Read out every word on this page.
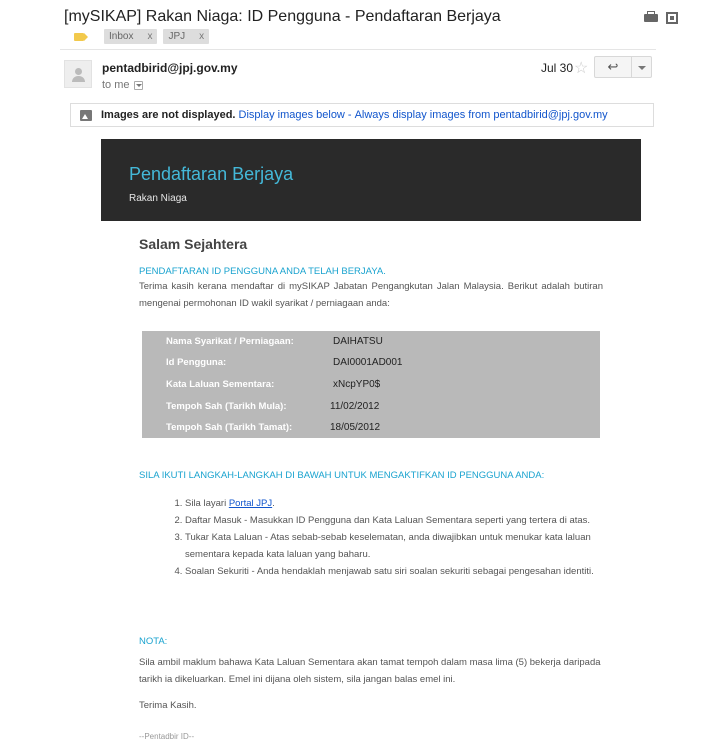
[mySIKAP] Rakan Niaga: ID Pengguna - Pendaftaran Berjaya
Inbox x JPJ x
pentadbirid@jpj.gov.my
to me
Jul 30 ☆ ↩
Images are not displayed. Display images below - Always display images from pentadbirid@jpj.gov.my
Pendaftaran Berjaya
Rakan Niaga
Salam Sejahtera
PENDAFTARAN ID PENGGUNA ANDA TELAH BERJAYA.
Terima kasih kerana mendaftar di mySIKAP Jabatan Pengangkutan Jalan Malaysia. Berikut adalah butiran mengenai permohonan ID wakil syarikat / perniagaan anda:
Nama Syarikat / Perniagaan:	DAIHATSU
Id Pengguna:	DAI0001AD001
Kata Laluan Sementara:	xNcpYP0$
Tempoh Sah (Tarikh Mula):	11/02/2012
Tempoh Sah (Tarikh Tamat):	18/05/2012
SILA IKUTI LANGKAH-LANGKAH DI BAWAH UNTUK MENGAKTIFKAN ID PENGGUNA ANDA:
1. Sila layari Portal JPJ.
2. Daftar Masuk - Masukkan ID Pengguna dan Kata Laluan Sementara seperti yang tertera di atas.
3. Tukar Kata Laluan - Atas sebab-sebab keselematan, anda diwajibkan untuk menukar kata laluan sementara kepada kata laluan yang baharu.
4. Soalan Sekuriti - Anda hendaklah menjawab satu siri soalan sekuriti sebagai pengesahan identiti.
NOTA:
Sila ambil maklum bahawa Kata Laluan Sementara akan tamat tempoh dalam masa lima (5) bekerja daripada tarikh ia dikeluarkan. Emel ini dijana oleh sistem, sila jangan balas emel ini.
Terima Kasih.
--Pentadbir ID--
